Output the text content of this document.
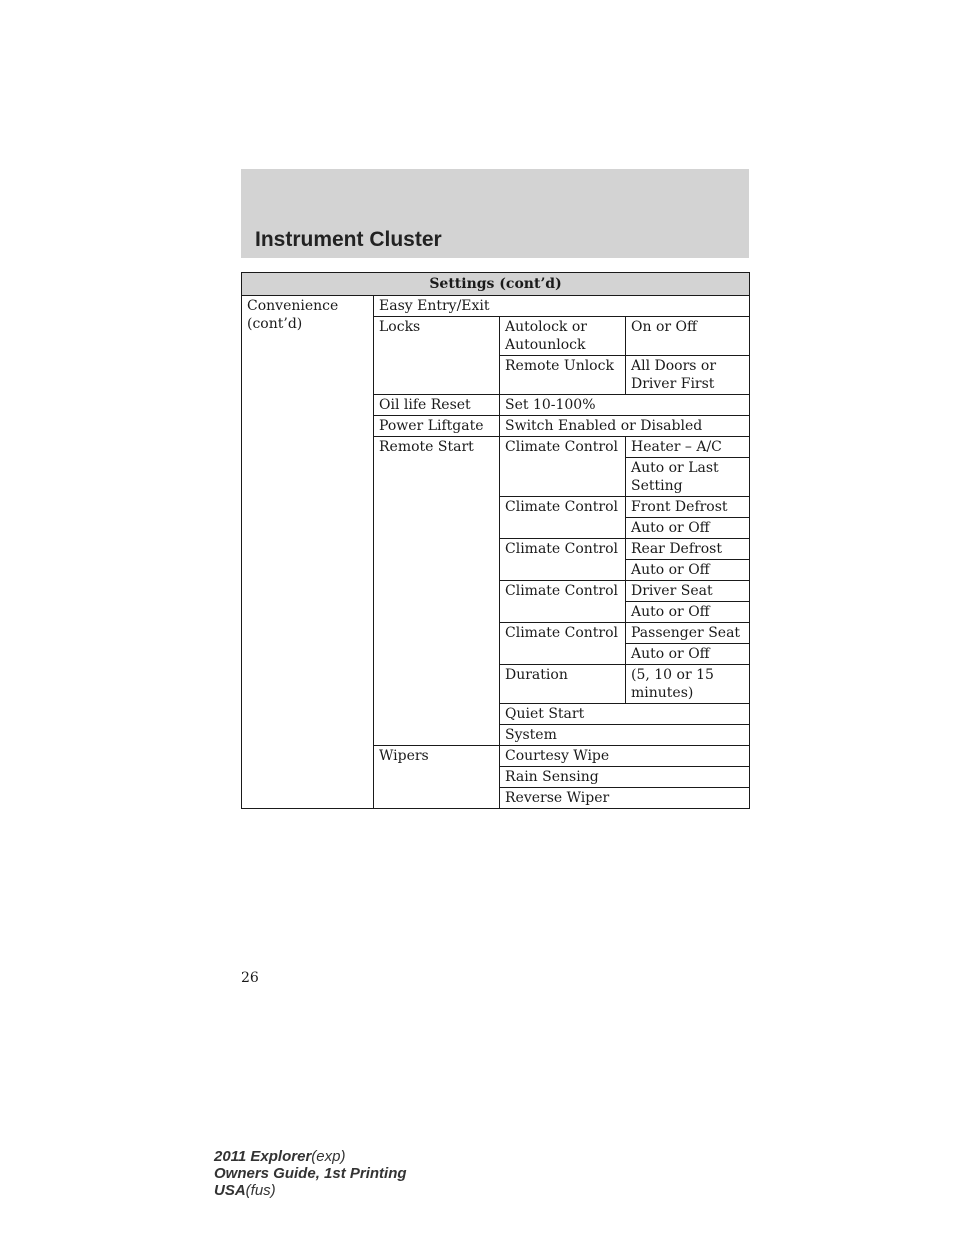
Instrument Cluster
Settings (cont’d)			
Convenience (cont’d)	Easy Entry/Exit		
	Locks	Autolock or Autounlock	On or Off
		Remote Unlock	All Doors or Driver First
	Oil life Reset	Set 10-100%	
	Power Liftgate	Switch Enabled or Disabled	
	Remote Start	Climate Control	Heater – A/C
			Auto or Last Setting
		Climate Control	Front Defrost
			Auto or Off
		Climate Control	Rear Defrost
			Auto or Off
		Climate Control	Driver Seat
			Auto or Off
		Climate Control	Passenger Seat
			Auto or Off
		Duration	(5, 10 or 15 minutes)
		Quiet Start	
		System	
	Wipers	Courtesy Wipe	
		Rain Sensing	
		Reverse Wiper	
26
2011 Explorer(exp)
Owners Guide, 1st Printing
USA(fus)
